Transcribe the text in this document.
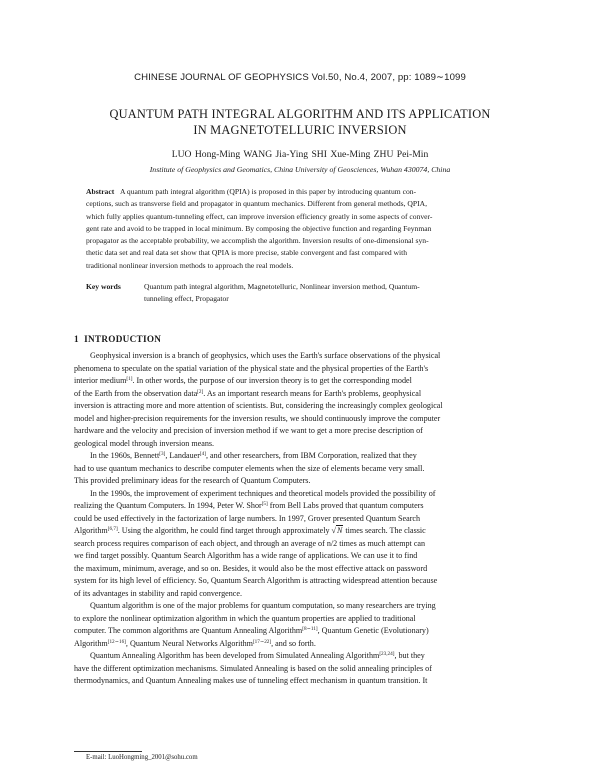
CHINESE JOURNAL OF GEOPHYSICS Vol.50, No.4, 2007, pp: 1089∼1099
QUANTUM PATH INTEGRAL ALGORITHM AND ITS APPLICATION
IN MAGNETOTELLURIC INVERSION
LUO Hong-Ming WANG Jia-Ying SHI Xue-Ming ZHU Pei-Min
Institute of Geophysics and Geomatics, China University of Geosciences, Wuhan 430074, China
Abstract A quantum path integral algorithm (QPIA) is proposed in this paper by introducing quantum con-
ceptions, such as transverse field and propagator in quantum mechanics. Different from general methods, QPIA,
which fully applies quantum-tunneling effect, can improve inversion efficiency greatly in some aspects of conver-
gent rate and avoid to be trapped in local minimum. By composing the objective function and regarding Feynman
propagator as the acceptable probability, we accomplish the algorithm. Inversion results of one-dimensional syn-
thetic data set and real data set show that QPIA is more precise, stable convergent and fast compared with
traditional nonlinear inversion methods to approach the real models.
Key words	Quantum path integral algorithm, Magnetotelluric, Nonlinear inversion method, Quantum-
tunneling effect, Propagator
1 INTRODUCTION
Geophysical inversion is a branch of geophysics, which uses the Earth's surface observations of the physical
phenomena to speculate on the spatial variation of the physical state and the physical properties of the Earth's
interior medium[1]. In other words, the purpose of our inversion theory is to get the corresponding model
of the Earth from the observation data[2]. As an important research means for Earth's problems, geophysical
inversion is attracting more and more attention of scientists. But, considering the increasingly complex geological
model and higher-precision requirements for the inversion results, we should continuously improve the computer
hardware and the velocity and precision of inversion method if we want to get a more precise description of
geological model through inversion means.
In the 1960s, Bennett[3], Landauer[4], and other researchers, from IBM Corporation, realized that they
had to use quantum mechanics to describe computer elements when the size of elements became very small.
This provided preliminary ideas for the research of Quantum Computers.
In the 1990s, the improvement of experiment techniques and theoretical models provided the possibility of
realizing the Quantum Computers. In 1994, Peter W. Shor[5] from Bell Labs proved that quantum computers
could be used effectively in the factorization of large numbers. In 1997, Grover presented Quantum Search
Algorithm[6,7]. Using the algorithm, he could find target through approximately √N times search. The classic
search process requires comparison of each object, and through an average of n/2 times as much attempt can
we find target possibly. Quantum Search Algorithm has a wide range of applications. We can use it to find
the maximum, minimum, average, and so on. Besides, it would also be the most effective attack on password
system for its high level of efficiency. So, Quantum Search Algorithm is attracting widespread attention because
of its advantages in stability and rapid convergence.
Quantum algorithm is one of the major problems for quantum computation, so many researchers are trying
to explore the nonlinear optimization algorithm in which the quantum properties are applied to traditional
computer. The common algorithms are Quantum Annealing Algorithm[8∼11], Quantum Genetic (Evolutionary)
Algorithm[12∼16], Quantum Neural Networks Algorithm[17∼22], and so forth.
Quantum Annealing Algorithm has been developed from Simulated Annealing Algorithm[23,24], but they
have the different optimization mechanisms. Simulated Annealing is based on the solid annealing principles of
thermodynamics, and Quantum Annealing makes use of tunneling effect mechanism in quantum transition. It
E-mail: LuoHongming_2001@sohu.com
